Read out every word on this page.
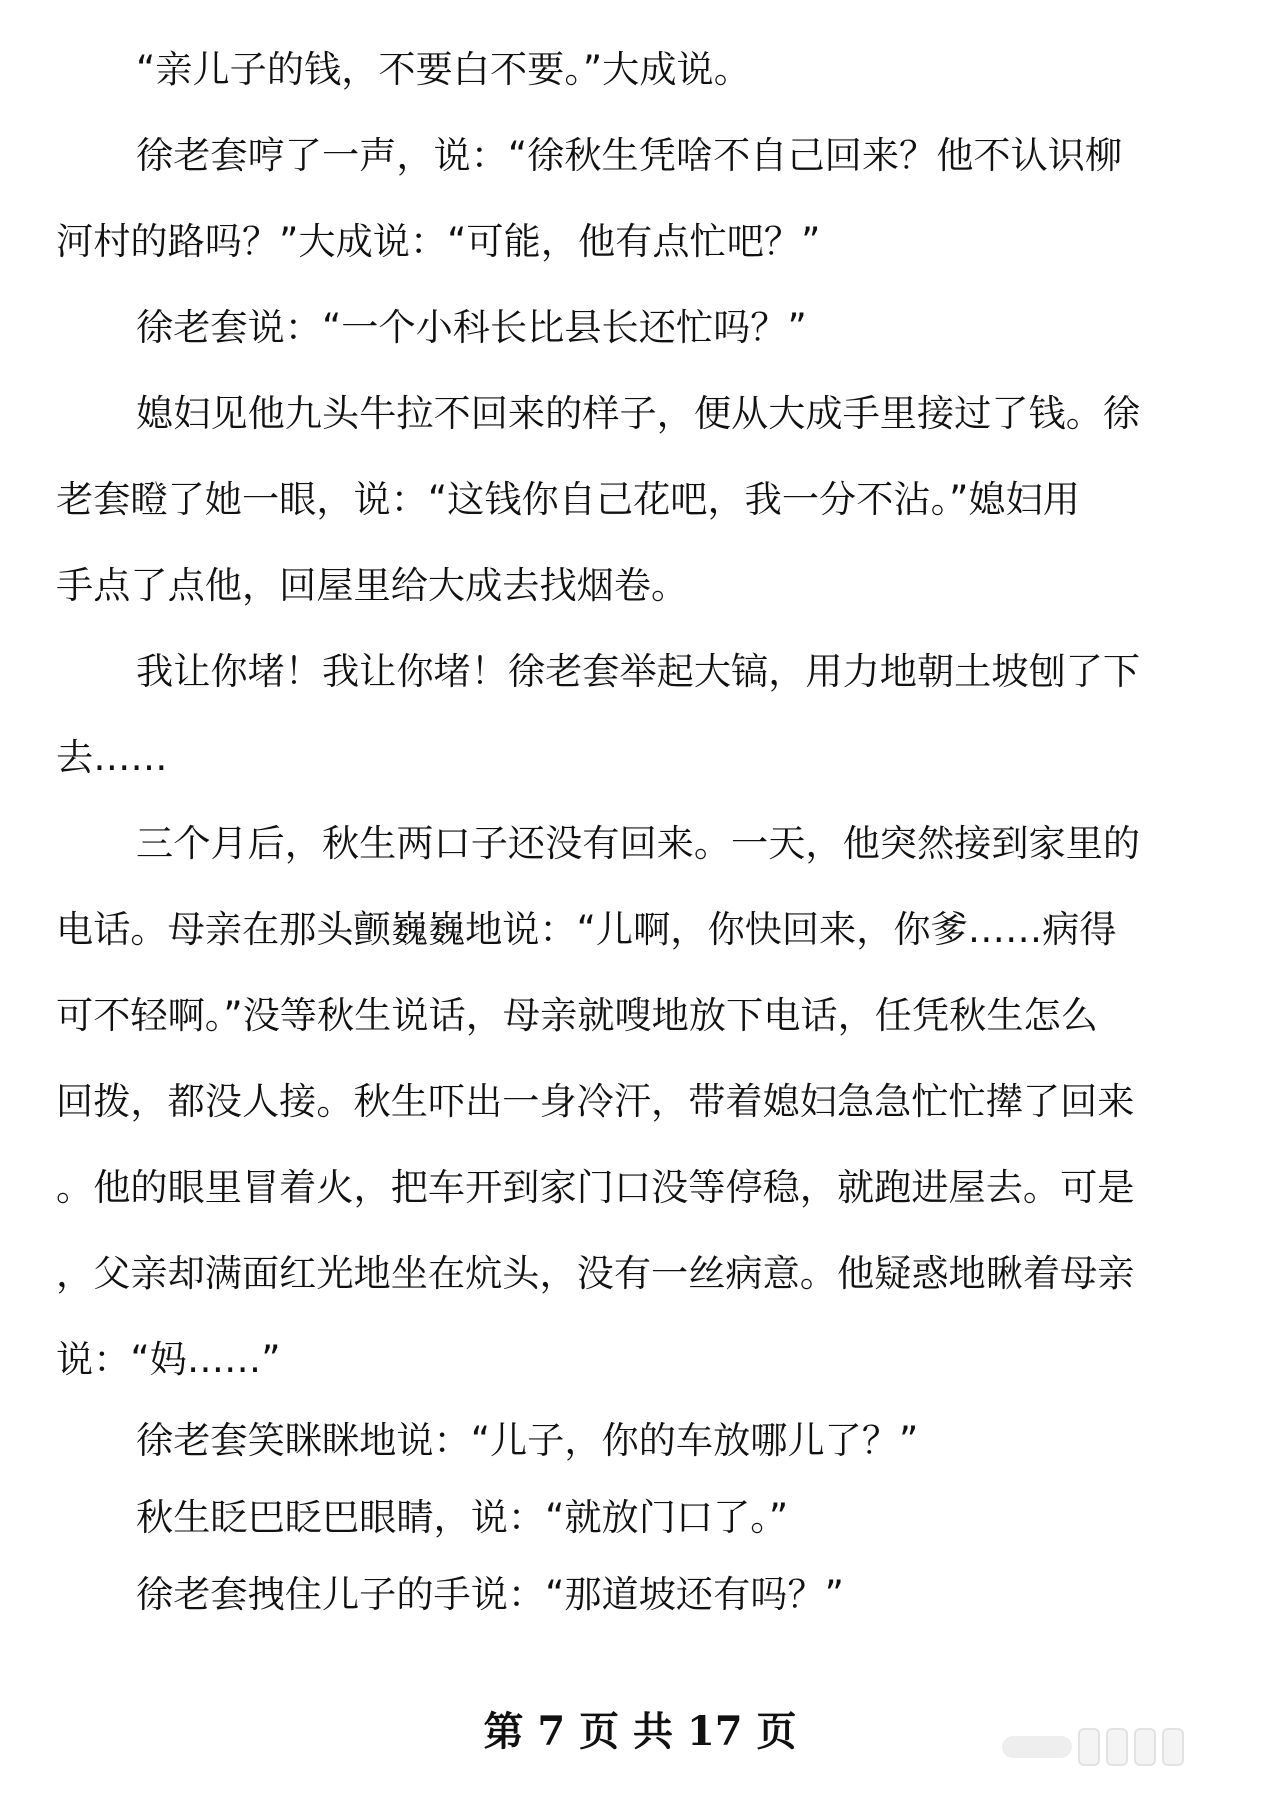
“亲儿子的钱，不要白不要。”大成说。

徐老套哼了一声，说：“徐秋生凭啥不自己回来？他不认识柳
河村的路吗？”大成说：“可能，他有点忙吧？”

徐老套说：“一个小科长比县长还忙吗？”

媳妇见他九头牛拉不回来的样子，便从大成手里接过了钱。徐
老套瞪了她一眼，说：“这钱你自己花吧，我一分不沾。”媳妇用
手点了点他，回屋里给大成去找烟卷。

我让你堵！我让你堵！徐老套举起大镐，用力地朝土坡刨了下
去……

三个月后，秋生两口子还没有回来。一天，他突然接到家里的
电话。母亲在那头颤巍巍地说：“儿啊，你快回来，你爹……病得
可不轻啊。”没等秋生说话，母亲就嗖地放下电话，任凭秋生怎么
回拨，都没人接。秋生吓出一身冷汗，带着媳妇急急忙忙撵了回来
。他的眼里冒着火，把车开到家门口没等停稳，就跑进屋去。可是
，父亲却满面红光地坐在炕头，没有一丝病意。他疑惑地瞅着母亲
说：“妈……”

徐老套笑眯眯地说：“儿子，你的车放哪儿了？”

秋生眨巴眨巴眼睛，说：“就放门口了。”

徐老套拽住儿子的手说：“那道坡还有吗？”

第 7 页 共 17 页
